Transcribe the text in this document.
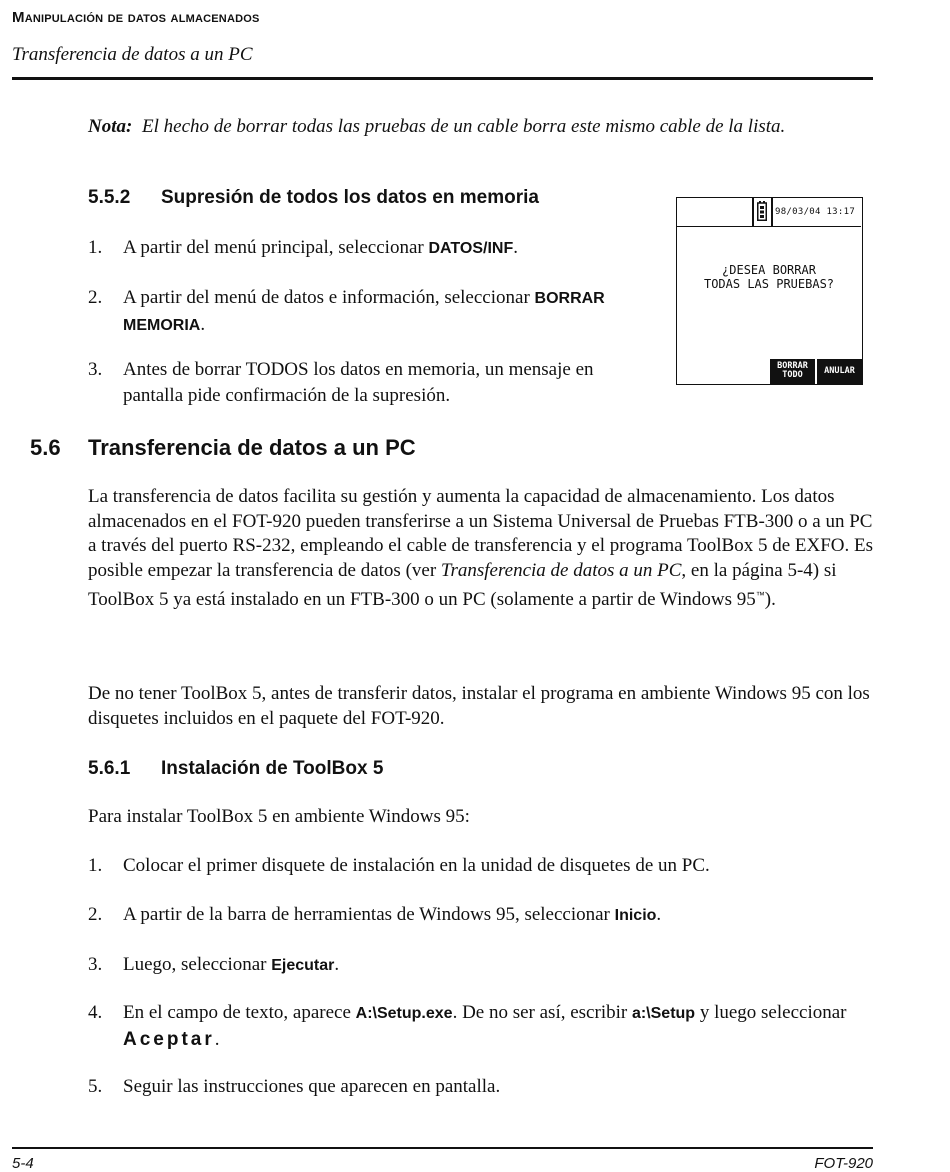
Manipulación de datos almacenados
Transferencia de datos a un PC
Nota: El hecho de borrar todas las pruebas de un cable borra este mismo cable de la lista.
5.5.2 Supresión de todos los datos en memoria
1. A partir del menú principal, seleccionar DATOS/INF.
2. A partir del menú de datos e información, seleccionar BORRAR MEMORIA.
3. Antes de borrar TODOS los datos en memoria, un mensaje en pantalla pide confirmación de la supresión.
98/03/04 13:17
¿DESEA BORRAR
TODAS LAS PRUEBAS?
BORRAR
TODO	ANULAR
5.6 Transferencia de datos a un PC
La transferencia de datos facilita su gestión y aumenta la capacidad de almacenamiento. Los datos almacenados en el FOT-920 pueden transferirse a un Sistema Universal de Pruebas FTB-300 o a un PC a través del puerto RS-232, empleando el cable de transferencia y el programa ToolBox 5 de EXFO. Es posible empezar la transferencia de datos (ver Transferencia de datos a un PC, en la página 5-4) si ToolBox 5 ya está instalado en un FTB-300 o un PC (solamente a partir de Windows 95™).
De no tener ToolBox 5, antes de transferir datos, instalar el programa en ambiente Windows 95 con los disquetes incluidos en el paquete del FOT-920.
5.6.1 Instalación de ToolBox 5
Para instalar ToolBox 5 en ambiente Windows 95:
1. Colocar el primer disquete de instalación en la unidad de disquetes de un PC.
2. A partir de la barra de herramientas de Windows 95, seleccionar Inicio.
3. Luego, seleccionar Ejecutar.
4. En el campo de texto, aparece A:\Setup.exe. De no ser así, escribir a:\Setup y luego seleccionar Aceptar.
5. Seguir las instrucciones que aparecen en pantalla.
5-4	FOT-920
